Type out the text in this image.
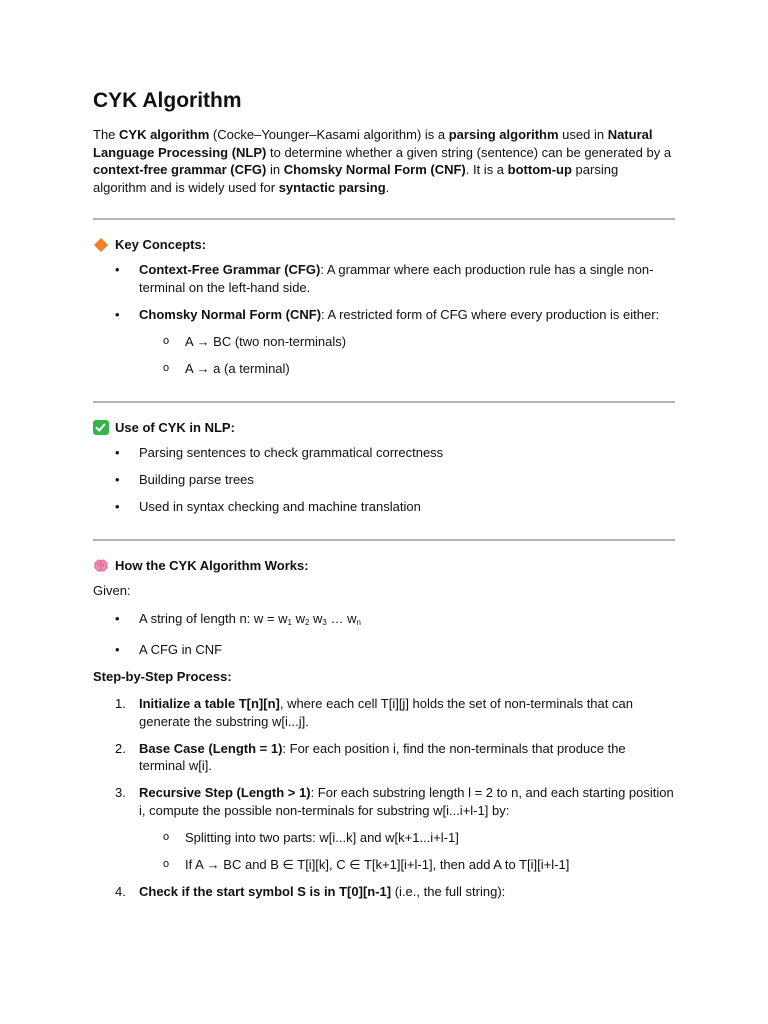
CYK Algorithm

The CYK algorithm (Cocke–Younger–Kasami algorithm) is a parsing algorithm used in Natural Language Processing (NLP) to determine whether a given string (sentence) can be generated by a context-free grammar (CFG) in Chomsky Normal Form (CNF). It is a bottom-up parsing algorithm and is widely used for syntactic parsing.

Key Concepts:
• Context-Free Grammar (CFG): A grammar where each production rule has a single non-terminal on the left-hand side.
• Chomsky Normal Form (CNF): A restricted form of CFG where every production is either:
o A → BC (two non-terminals)
o A → a (a terminal)
Use of CYK in NLP:
• Parsing sentences to check grammatical correctness
• Building parse trees
• Used in syntax checking and machine translation
How the CYK Algorithm Works:

Given:

• A string of length n: $w = w_1$ $w_2$ $w_3$ … $w_n$
• A CFG in CNF

Step-by-Step Process:

1. Initialize a table T[n][n], where each cell T[i][j] holds the set of non-terminals that can generate the substring w[i...j].
2. Base Case (Length = 1): For each position i, find the non-terminals that produce the terminal w[i].
3. Recursive Step (Length > 1): For each substring length l = 2 to n, and each starting position i, compute the possible non-terminals for substring w[i...i+l-1] by:
o Splitting into two parts: w[i...k] and w[k+1...i+l-1]
o If A → BC and B ∈ T[i][k], C ∈ T[k+1][i+l-1], then add A to T[i][i+l-1]
4. Check if the start symbol S is in T[0][n-1] (i.e., the full string):
